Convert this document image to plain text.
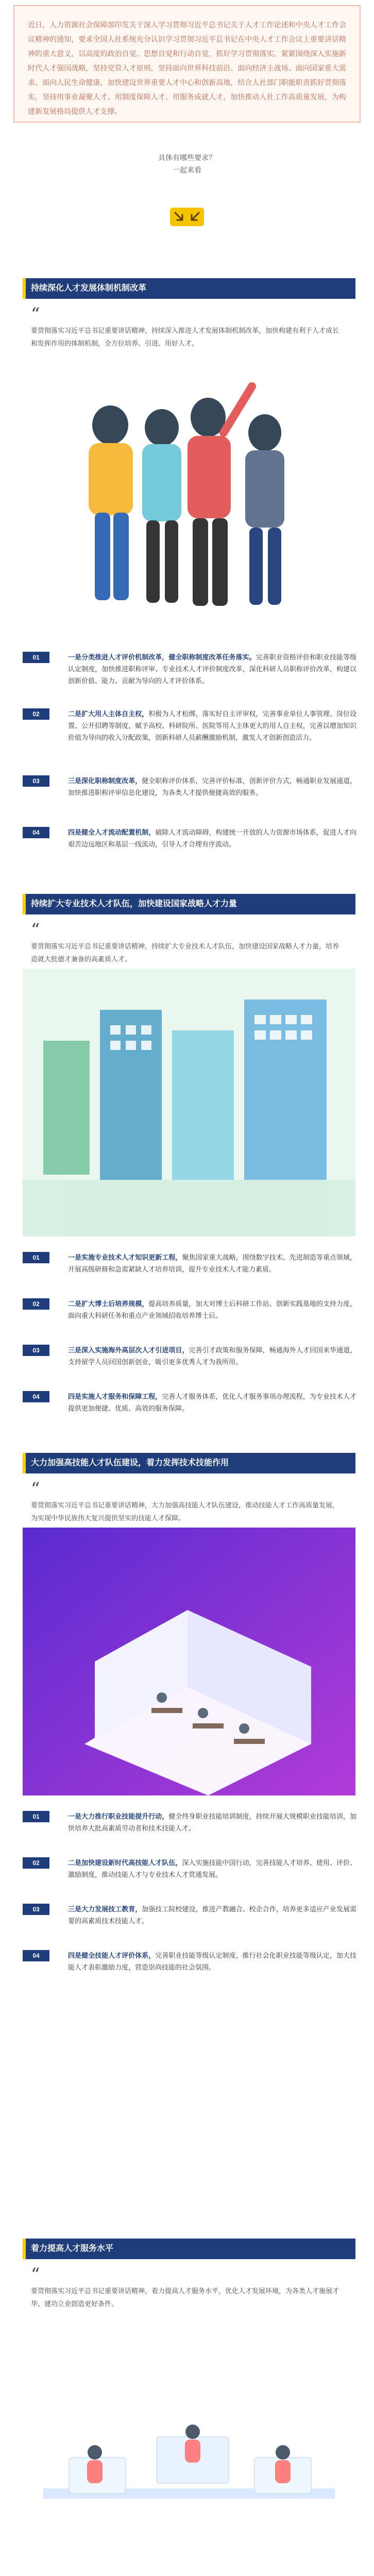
近日，人力资源社会保障部印发关于深入学习贯彻习近平总书记关于人才工作论述和中央人才工作会议精神的通知，要求全国人社系统充分认识学习贯彻习近平总书记在中央人才工作会议上重要讲话精神的重大意义，以高度的政治自觉、思想自觉和行动自觉，抓好学习贯彻落实，紧紧围绕深入实施新时代人才强国战略，坚持党管人才原则，坚持面向世界科技前沿、面向经济主战场、面向国家重大需求、面向人民生命健康，加快建设世界重要人才中心和创新高地，结合人社部门职能职责抓好贯彻落实，坚持用事业凝聚人才、用制度保障人才、用服务成就人才，加快推动人社工作高质量发展，为构建新发展格局提供人才支撑。

具体有哪些要求？
一起来看
持续深化人才发展体制机制改革
“

要贯彻落实习近平总书记重要讲话精神，持续深入推进人才发展体制机制改革，加快构建有利于人才成长和发挥作用的体制机制，全方位培养、引进、用好人才。

01	一是分类推进人才评价机制改革，健全职称制度改革任务落实。完善职业资格评价和职业技能等级认定制度，加快推进职称评审、专业技术人才评价制度改革，深化科研人员职称评价改革，构建以创新价值、能力、贡献为导向的人才评价体系。
02	二是扩大用人主体自主权，积极为人才松绑，落实好自主评审权，完善事业单位人事管理、岗位设置、公开招聘等制度，赋予高校、科研院所、医院等用人主体更大的用人自主权，完善以增加知识价值为导向的收入分配政策，创新科研人员薪酬激励机制，激发人才创新创造活力。
03	三是深化职称制度改革，健全职称评价体系，完善评价标准，创新评价方式，畅通职业发展通道，加快推进职称评审信息化建设，为各类人才提供便捷高效的服务。
04	四是健全人才流动配置机制，破除人才流动障碍，构建统一开放的人力资源市场体系，促进人才向艰苦边远地区和基层一线流动，引导人才合理有序流动。
持续扩大专业技术人才队伍，加快建设国家战略人才力量
“

要贯彻落实习近平总书记重要讲话精神，持续扩大专业技术人才队伍，加快建设国家战略人才力量，培养造就大批德才兼备的高素质人才。

01	一是实施专业技术人才知识更新工程，聚焦国家重大战略，围绕数字技术、先进制造等重点领域，开展高级研修和急需紧缺人才培养培训，提升专业技术人才能力素质。
02	二是扩大博士后培养规模，提高培养质量，加大对博士后科研工作站、创新实践基地的支持力度，面向重大科研任务和重点产业领域招收培养博士后。
03	三是深入实施海外高层次人才引进项目，完善引才政策和服务保障，畅通海外人才回国来华通道，支持留学人员回国创新创业，吸引更多优秀人才为我所用。
04	四是实施人才服务和保障工程，完善人才服务体系，优化人才服务事项办理流程，为专业技术人才提供更加便捷、优质、高效的服务保障。
大力加强高技能人才队伍建设，着力发挥技术技能作用
“

要贯彻落实习近平总书记重要讲话精神，大力加强高技能人才队伍建设，推动技能人才工作高质量发展，为实现中华民族伟大复兴提供坚实的技能人才保障。

01	一是大力推行职业技能提升行动，健全终身职业技能培训制度，持续开展大规模职业技能培训，加快培养大批高素质劳动者和技术技能人才。
02	二是加快建设新时代高技能人才队伍，深入实施技能中国行动，完善技能人才培养、使用、评价、激励制度，推动技能人才与专业技术人才贯通发展。
03	三是大力发展技工教育，加强技工院校建设，推进产教融合、校企合作，培养更多适应产业发展需要的高素质技术技能人才。
04	四是健全技能人才评价体系，完善职业技能等级认定制度，推行社会化职业技能等级认定，加大技能人才表彰激励力度，营造崇尚技能的社会氛围。
着力提高人才服务水平
“

要贯彻落实习近平总书记重要讲话精神，着力提高人才服务水平，优化人才发展环境，为各类人才施展才华、建功立业创造更好条件。
